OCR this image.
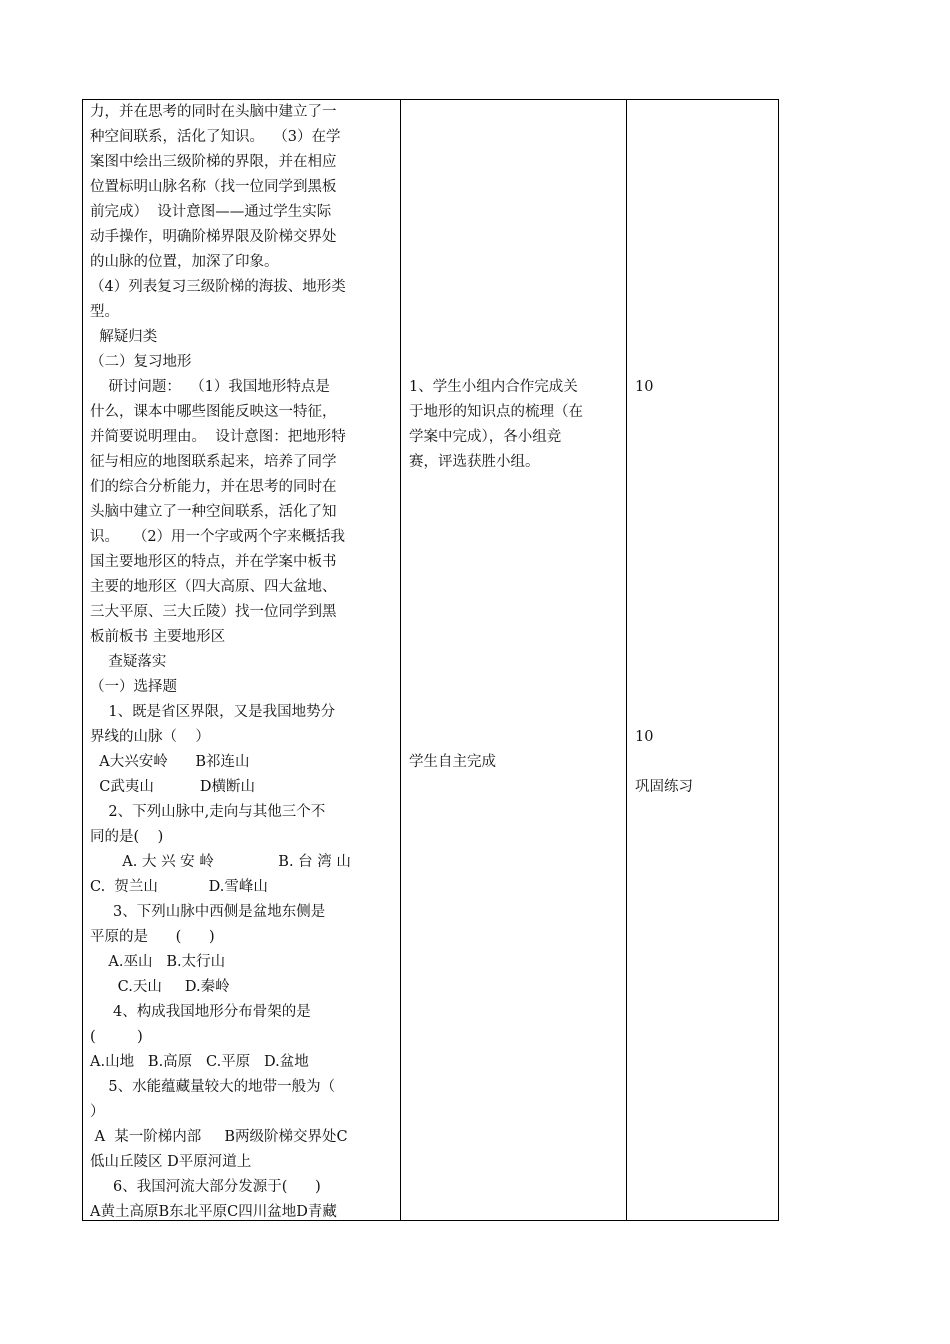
力，并在思考的同时在头脑中建立了一
种空间联系，活化了知识。  （3）在学
案图中绘出三级阶梯的界限，并在相应
位置标明山脉名称（找一位同学到黑板
前完成）  设计意图——通过学生实际
动手操作，明确阶梯界限及阶梯交界处
的山脉的位置，加深了印象。
（4）列表复习三级阶梯的海拔、地形类
型。
解疑归类
（二）复习地形
研讨问题：  （1）我国地形特点是
什么，课本中哪些图能反映这一特征，
并简要说明理由。  设计意图：把地形特
征与相应的地图联系起来，培养了同学
们的综合分析能力，并在思考的同时在
头脑中建立了一种空间联系，活化了知
识。   （2）用一个字或两个字来概括我
国主要地形区的特点，并在学案中板书
主要的地形区（四大高原、四大盆地、
三大平原、三大丘陵）找一位同学到黑
板前板书 主要地形区
查疑落实
（一）选择题
1、既是省区界限，又是我国地势分
界线的山脉（    ）
A大兴安岭      B祁连山
C武夷山          D横断山
2、下列山脉中,走向与其他三个不
同的是(    )
A. 大 兴 安 岭              B. 台 湾 山
C.  贺兰山           D.雪峰山
3、下列山脉中西侧是盆地东侧是
平原的是      (      )
A.巫山   B.太行山
C.天山     D.秦岭
4、构成我国地形分布骨架的是
(         )
A.山地   B.高原   C.平原   D.盆地
5、水能蕴藏量较大的地带一般为（
）
A  某一阶梯内部     B两级阶梯交界处C
低山丘陵区 D平原河道上
6、我国河流大部分发源于(      )
A黄土高原B东北平原C四川盆地D青藏
1、学生小组内合作完成关
于地形的知识点的梳理（在
学案中完成），各小组竞
赛，评选获胜小组。
学生自主完成
10
10
巩固练习
